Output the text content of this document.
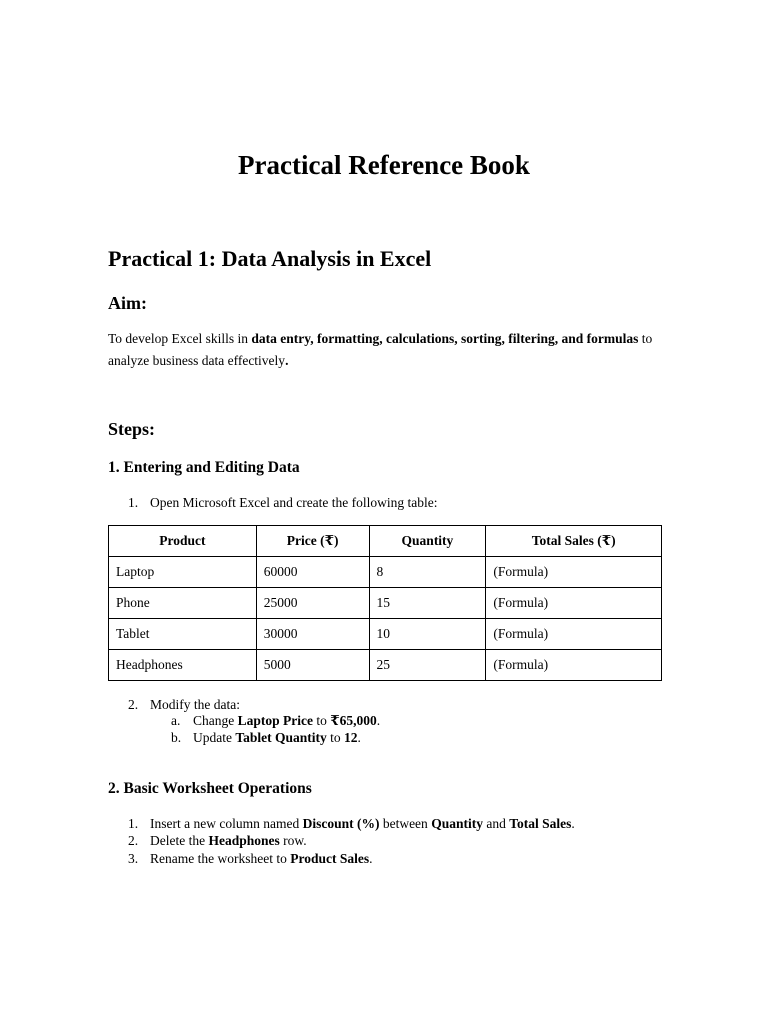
Practical Reference Book
Practical 1: Data Analysis in Excel
Aim:

To develop Excel skills in data entry, formatting, calculations, sorting, filtering, and formulas to analyze business data effectively.

Steps:
1. Entering and Editing Data

1. Open Microsoft Excel and create the following table:

Product	Price (₹)	Quantity	Total Sales (₹)
Laptop	60000	8	(Formula)
Phone	25000	15	(Formula)
Tablet	30000	10	(Formula)
Headphones	5000	25	(Formula)

2. Modify the data:

a. Change Laptop Price to ₹65,000.

b. Update Tablet Quantity to 12.

2. Basic Worksheet Operations

1. Insert a new column named Discount (%) between Quantity and Total Sales.

2. Delete the Headphones row.

3. Rename the worksheet to Product Sales.
